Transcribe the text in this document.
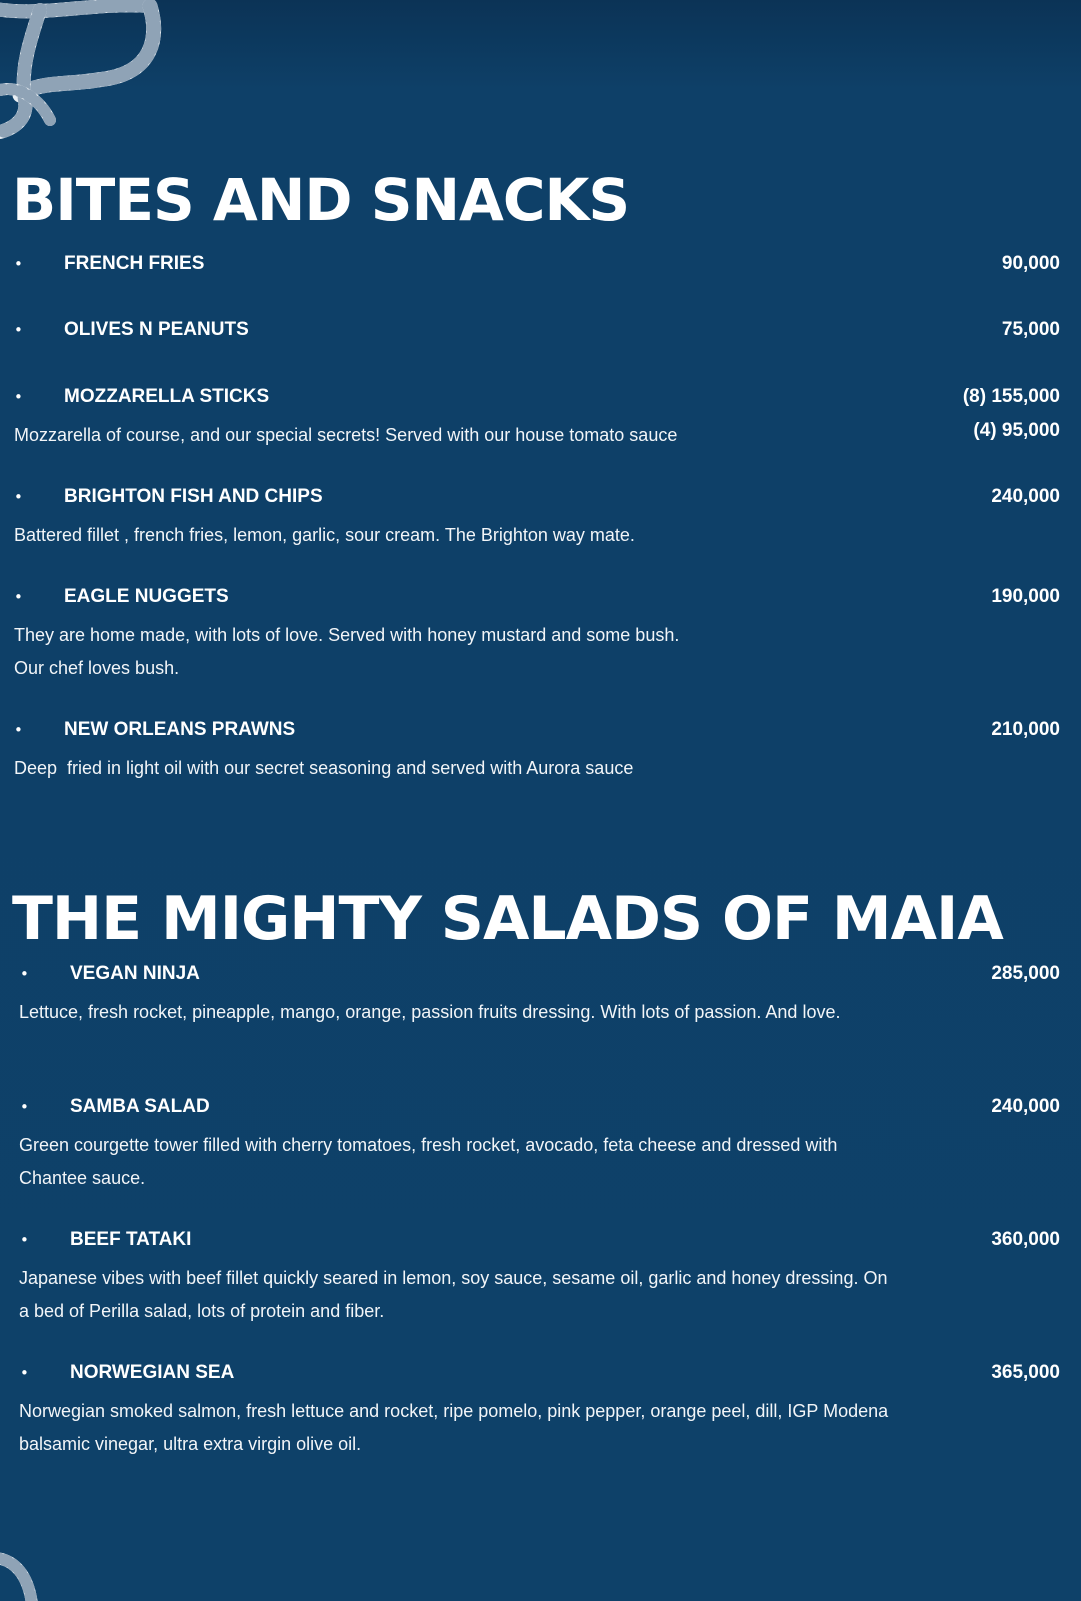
BITES AND SNACKS
• FRENCH FRIES	90,000
• OLIVES N PEANUTS	75,000
• MOZZARELLA STICKS	(8) 155,000
(4) 95,000

Mozzarella of course, and our special secrets! Served with our house tomato sauce

• BRIGHTON FISH AND CHIPS	240,000

Battered fillet , french fries, lemon, garlic, sour cream. The Brighton way mate.

• EAGLE NUGGETS	190,000

They are home made, with lots of love. Served with honey mustard and some bush.
Our chef loves bush.

• NEW ORLEANS PRAWNS	210,000

Deep  fried in light oil with our secret seasoning and served with Aurora sauce

THE MIGHTY SALADS OF MAIA
• VEGAN NINJA	285,000

Lettuce, fresh rocket, pineapple, mango, orange, passion fruits dressing. With lots of passion. And love.

• SAMBA SALAD	240,000

Green courgette tower filled with cherry tomatoes, fresh rocket, avocado, feta cheese and dressed with Chantee sauce.

• BEEF TATAKI	360,000

Japanese vibes with beef fillet quickly seared in lemon, soy sauce, sesame oil, garlic and honey dressing. On a bed of Perilla salad, lots of protein and fiber.

• NORWEGIAN SEA	365,000

Norwegian smoked salmon, fresh lettuce and rocket, ripe pomelo, pink pepper, orange peel, dill, IGP Modena balsamic vinegar, ultra extra virgin olive oil.
